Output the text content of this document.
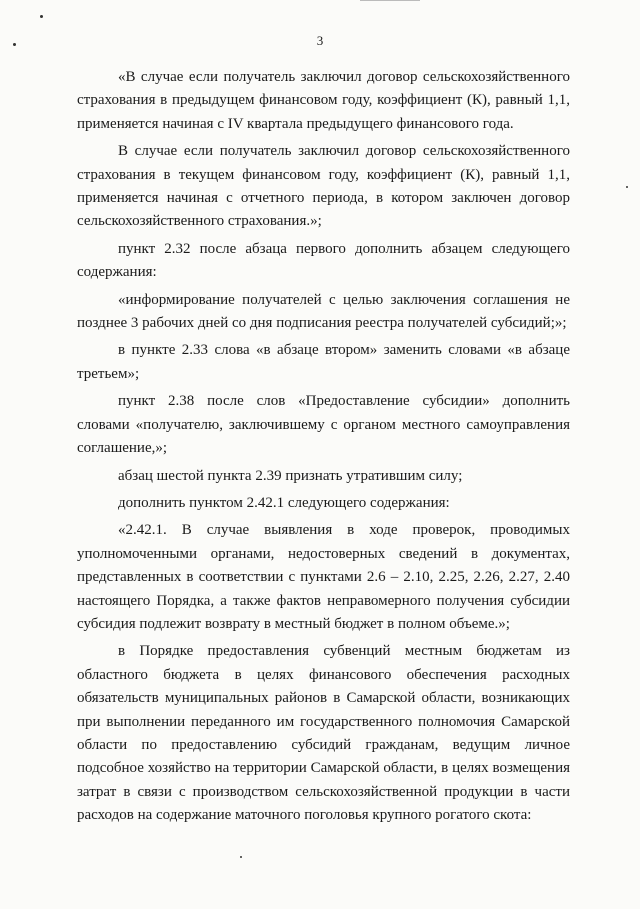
3

«В случае если получатель заключил договор сельскохозяйственного страхования в предыдущем финансовом году, коэффициент (К), равный 1,1, применяется начиная с IV квартала предыдущего финансового года.

В случае если получатель заключил договор сельскохозяйственного страхования в текущем финансовом году, коэффициент (К), равный 1,1, применяется начиная с отчетного периода, в котором заключен договор сельскохозяйственного страхования.»;

пункт 2.32 после абзаца первого дополнить абзацем следующего содержания:

«информирование получателей с целью заключения соглашения не позднее 3 рабочих дней со дня подписания реестра получателей субсидий;»;

в пункте 2.33 слова «в абзаце втором» заменить словами «в абзаце третьем»;

пункт 2.38 после слов «Предоставление субсидии» дополнить словами «получателю, заключившему с органом местного самоуправления соглашение,»;

абзац шестой пункта 2.39 признать утратившим силу;

дополнить пунктом 2.42.1 следующего содержания:

«2.42.1. В случае выявления в ходе проверок, проводимых уполномоченными органами, недостоверных сведений в документах, представленных в соответствии с пунктами 2.6 – 2.10, 2.25, 2.26, 2.27, 2.40 настоящего Порядка, а также фактов неправомерного получения субсидии субсидия подлежит возврату в местный бюджет в полном объеме.»;

в Порядке предоставления субвенций местным бюджетам из областного бюджета в целях финансового обеспечения расходных обязательств муниципальных районов в Самарской области, возникающих при выполнении переданного им государственного полномочия Самарской области по предоставлению субсидий гражданам, ведущим личное подсобное хозяйство на территории Самарской области, в целях возмещения затрат в связи с производством сельскохозяйственной продукции в части расходов на содержание маточного поголовья крупного рогатого скота:
